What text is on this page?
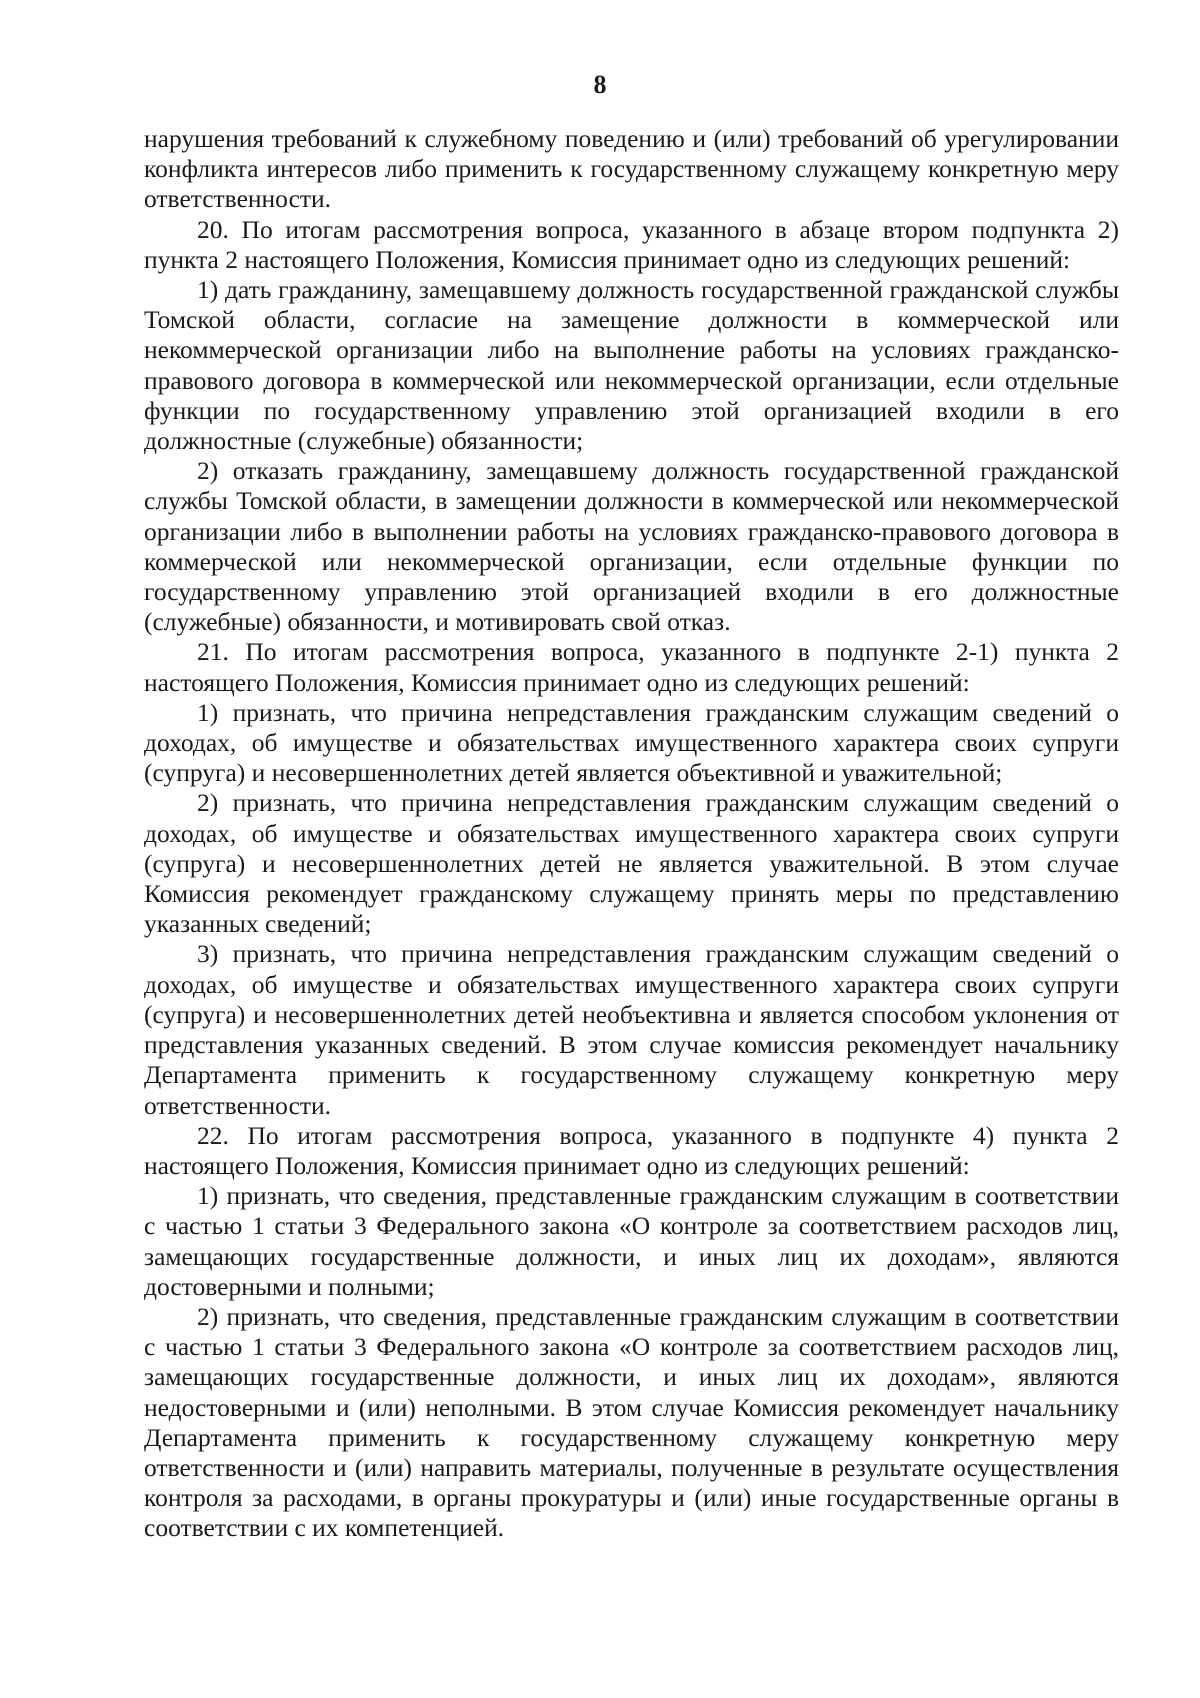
8

нарушения требований к служебному поведению и (или) требований об урегулировании конфликта интересов либо применить к государственному служащему конкретную меру ответственности.

20. По итогам рассмотрения вопроса, указанного в абзаце втором подпункта 2) пункта 2 настоящего Положения, Комиссия принимает одно из следующих решений:

1) дать гражданину, замещавшему должность государственной гражданской службы Томской области, согласие на замещение должности в коммерческой или некоммерческой организации либо на выполнение работы на условиях гражданско-правового договора в коммерческой или некоммерческой организации, если отдельные функции по государственному управлению этой организацией входили в его должностные (служебные) обязанности;

2) отказать гражданину, замещавшему должность государственной гражданской службы Томской области, в замещении должности в коммерческой или некоммерческой организации либо в выполнении работы на условиях гражданско-правового договора в коммерческой или некоммерческой организации, если отдельные функции по государственному управлению этой организацией входили в его должностные (служебные) обязанности, и мотивировать свой отказ.

21. По итогам рассмотрения вопроса, указанного в подпункте 2-1) пункта 2 настоящего Положения, Комиссия принимает одно из следующих решений:

1) признать, что причина непредставления гражданским служащим сведений о доходах, об имуществе и обязательствах имущественного характера своих супруги (супруга) и несовершеннолетних детей является объективной и уважительной;

2) признать, что причина непредставления гражданским служащим сведений о доходах, об имуществе и обязательствах имущественного характера своих супруги (супруга) и несовершеннолетних детей не является уважительной. В этом случае Комиссия рекомендует гражданскому служащему принять меры по представлению указанных сведений;

3) признать, что причина непредставления гражданским служащим сведений о доходах, об имуществе и обязательствах имущественного характера своих супруги (супруга) и несовершеннолетних детей необъективна и является способом уклонения от представления указанных сведений. В этом случае комиссия рекомендует начальнику Департамента применить к государственному служащему конкретную меру ответственности.

22. По итогам рассмотрения вопроса, указанного в подпункте 4) пункта 2 настоящего Положения, Комиссия принимает одно из следующих решений:

1) признать, что сведения, представленные гражданским служащим в соответствии с частью 1 статьи 3 Федерального закона «О контроле за соответствием расходов лиц, замещающих государственные должности, и иных лиц их доходам», являются достоверными и полными;

2) признать, что сведения, представленные гражданским служащим в соответствии с частью 1 статьи 3 Федерального закона «О контроле за соответствием расходов лиц, замещающих государственные должности, и иных лиц их доходам», являются недостоверными и (или) неполными. В этом случае Комиссия рекомендует начальнику Департамента применить к государственному служащему конкретную меру ответственности и (или) направить материалы, полученные в результате осуществления контроля за расходами, в органы прокуратуры и (или) иные государственные органы в соответствии с их компетенцией.
